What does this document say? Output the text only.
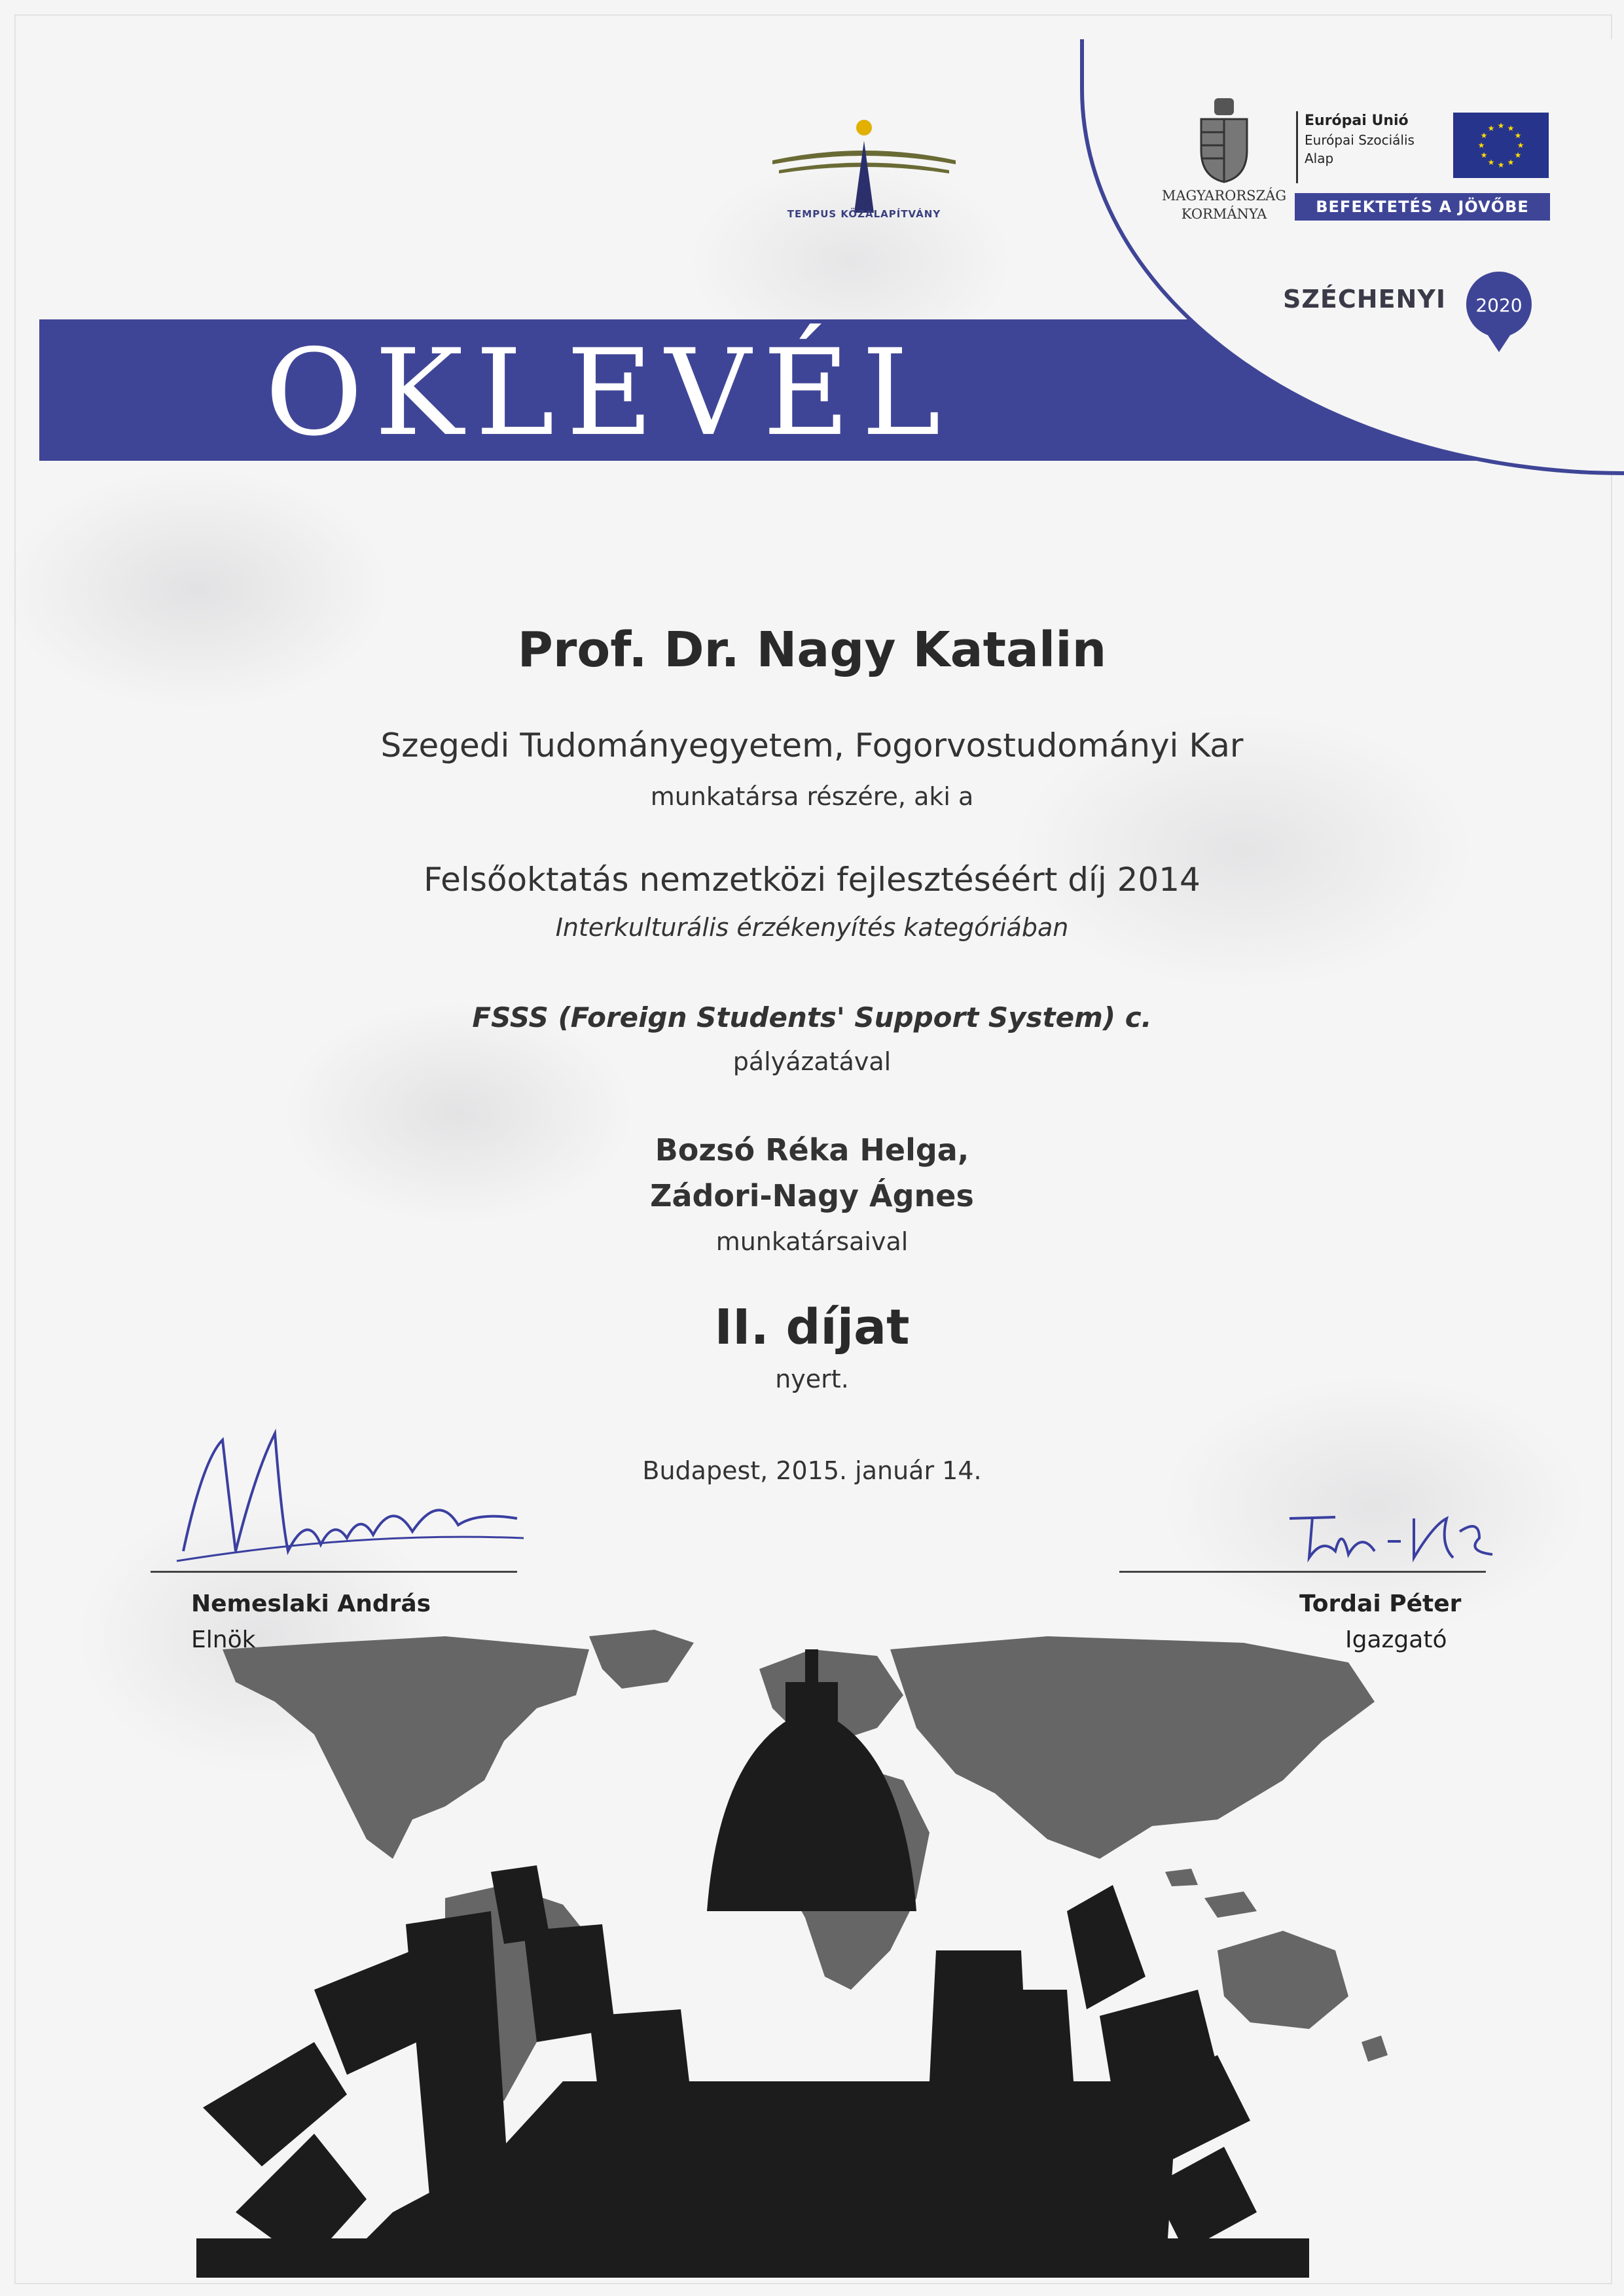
TEMPUS KÖZALAPÍTVÁNY
OKLEVÉL
MAGYARORSZÁG
KORMÁNYA
Európai Unió
Európai Szociális
Alap
★ ★
★
★
★
★
★
★
★
★
★
★
BEFEKTETÉS A JÖVŐBE
SZÉCHENYI 2020
Prof. Dr. Nagy Katalin
Szegedi Tudományegyetem, Fogorvostudományi Kar
munkatársa részére, aki a
Felsőoktatás nemzetközi fejlesztéséért díj 2014
Interkulturális érzékenyítés kategóriában
FSSS (Foreign Students' Support System) c.
pályázatával
Bozsó Réka Helga,
Zádori-Nagy Ágnes
munkatársaival
II. díjat
nyert.
Budapest, 2015. január 14.
Nemeslaki András
Elnök
Tordai Péter
Igazgató
